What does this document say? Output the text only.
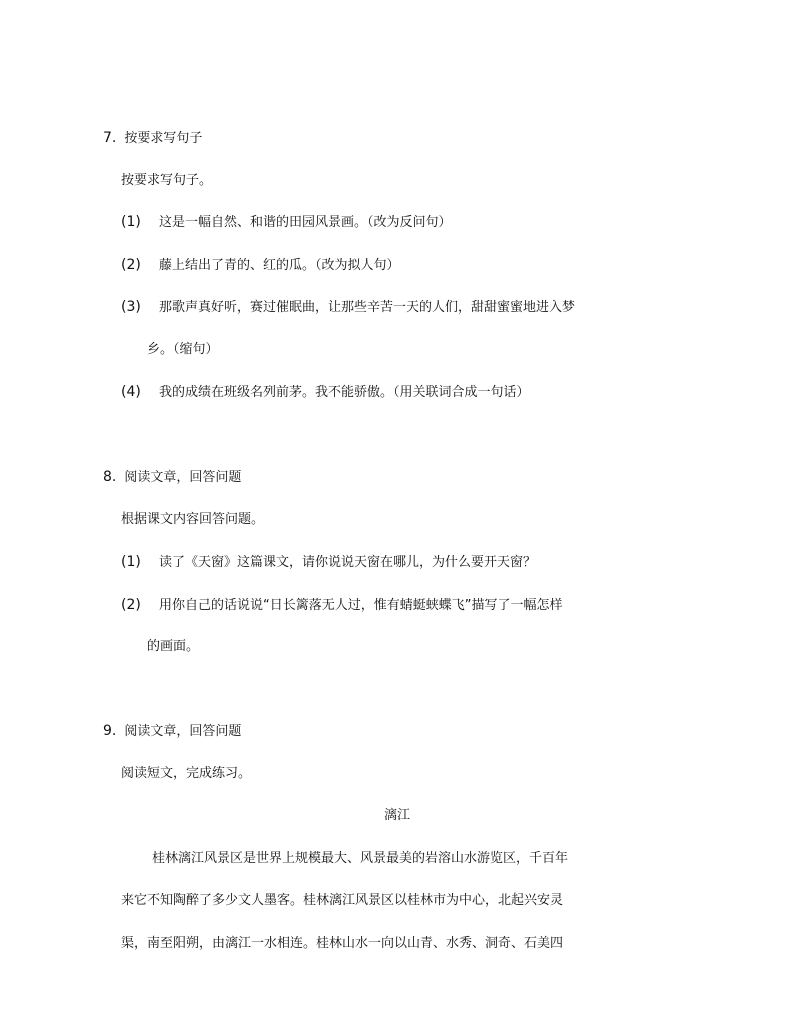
7. 按要求写句子
按要求写句子。
(1) 这是一幅自然、和谐的田园风景画。（改为反问句）
(2) 藤上结出了青的、红的瓜。（改为拟人句）
(3) 那歌声真好听，赛过催眠曲，让那些辛苦一天的人们，甜甜蜜蜜地进入梦
乡。（缩句）
(4) 我的成绩在班级名列前茅。我不能骄傲。（用关联词合成一句话）
8. 阅读文章，回答问题
根据课文内容回答问题。
(1) 读了《天窗》这篇课文，请你说说天窗在哪儿，为什么要开天窗？
(2) 用你自己的话说说“日长篱落无人过，惟有蜻蜓蛱蝶飞”描写了一幅怎样
的画面。
9. 阅读文章，回答问题
阅读短文，完成练习。
漓江
桂林漓江风景区是世界上规模最大、风景最美的岩溶山水游览区，千百年
来它不知陶醉了多少文人墨客。桂林漓江风景区以桂林市为中心，北起兴安灵
渠，南至阳朔，由漓江一水相连。桂林山水一向以山青、水秀、洞奇、石美四
